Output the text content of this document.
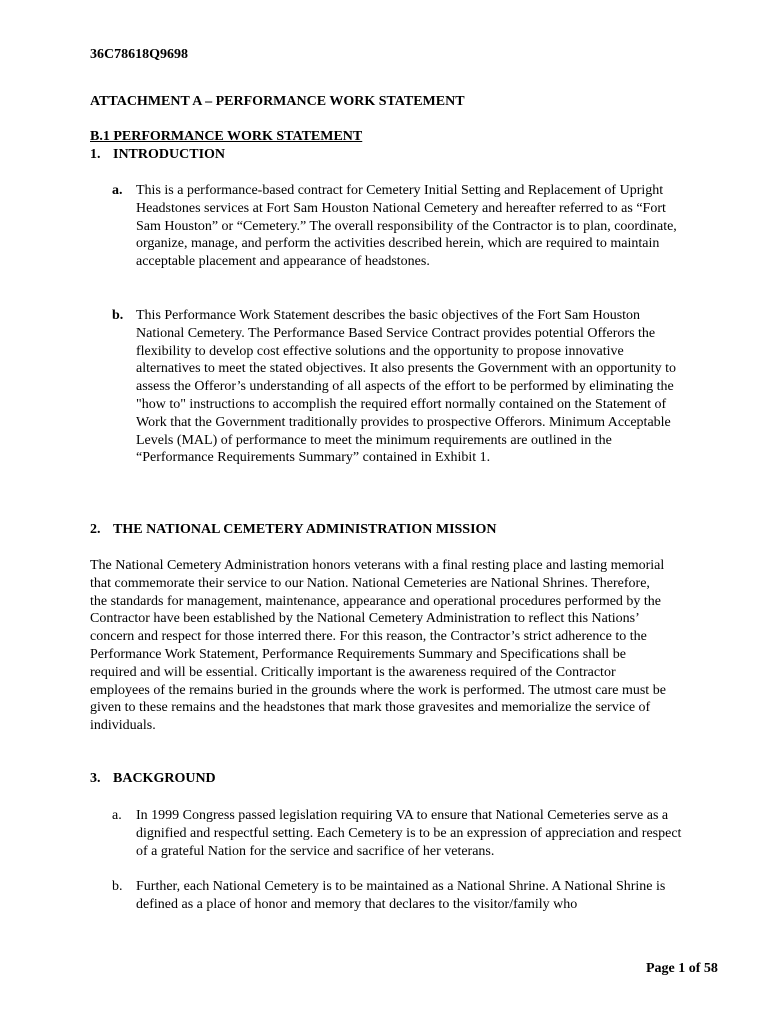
36C78618Q9698
ATTACHMENT A – PERFORMANCE WORK STATEMENT
B.1 PERFORMANCE WORK STATEMENT
1. INTRODUCTION
a. This is a performance-based contract for Cemetery Initial Setting and Replacement of Upright Headstones services at Fort Sam Houston National Cemetery and hereafter referred to as “Fort Sam Houston” or “Cemetery.” The overall responsibility of the Contractor is to plan, coordinate, organize, manage, and perform the activities described herein, which are required to maintain acceptable placement and appearance of headstones.
b. This Performance Work Statement describes the basic objectives of the Fort Sam Houston National Cemetery. The Performance Based Service Contract provides potential Offerors the flexibility to develop cost effective solutions and the opportunity to propose innovative alternatives to meet the stated objectives. It also presents the Government with an opportunity to assess the Offeror’s understanding of all aspects of the effort to be performed by eliminating the "how to" instructions to accomplish the required effort normally contained on the Statement of Work that the Government traditionally provides to prospective Offerors. Minimum Acceptable Levels (MAL) of performance to meet the minimum requirements are outlined in the “Performance Requirements Summary” contained in Exhibit 1.
2. THE NATIONAL CEMETERY ADMINISTRATION MISSION
The National Cemetery Administration honors veterans with a final resting place and lasting memorial that commemorate their service to our Nation. National Cemeteries are National Shrines. Therefore, the standards for management, maintenance, appearance and operational procedures performed by the Contractor have been established by the National Cemetery Administration to reflect this Nations’ concern and respect for those interred there. For this reason, the Contractor’s strict adherence to the Performance Work Statement, Performance Requirements Summary and Specifications shall be required and will be essential. Critically important is the awareness required of the Contractor employees of the remains buried in the grounds where the work is performed. The utmost care must be given to these remains and the headstones that mark those gravesites and memorialize the service of individuals.
3. BACKGROUND
a. In 1999 Congress passed legislation requiring VA to ensure that National Cemeteries serve as a dignified and respectful setting. Each Cemetery is to be an expression of appreciation and respect of a grateful Nation for the service and sacrifice of her veterans.
b. Further, each National Cemetery is to be maintained as a National Shrine. A National Shrine is defined as a place of honor and memory that declares to the visitor/family who
Page 1 of 58
